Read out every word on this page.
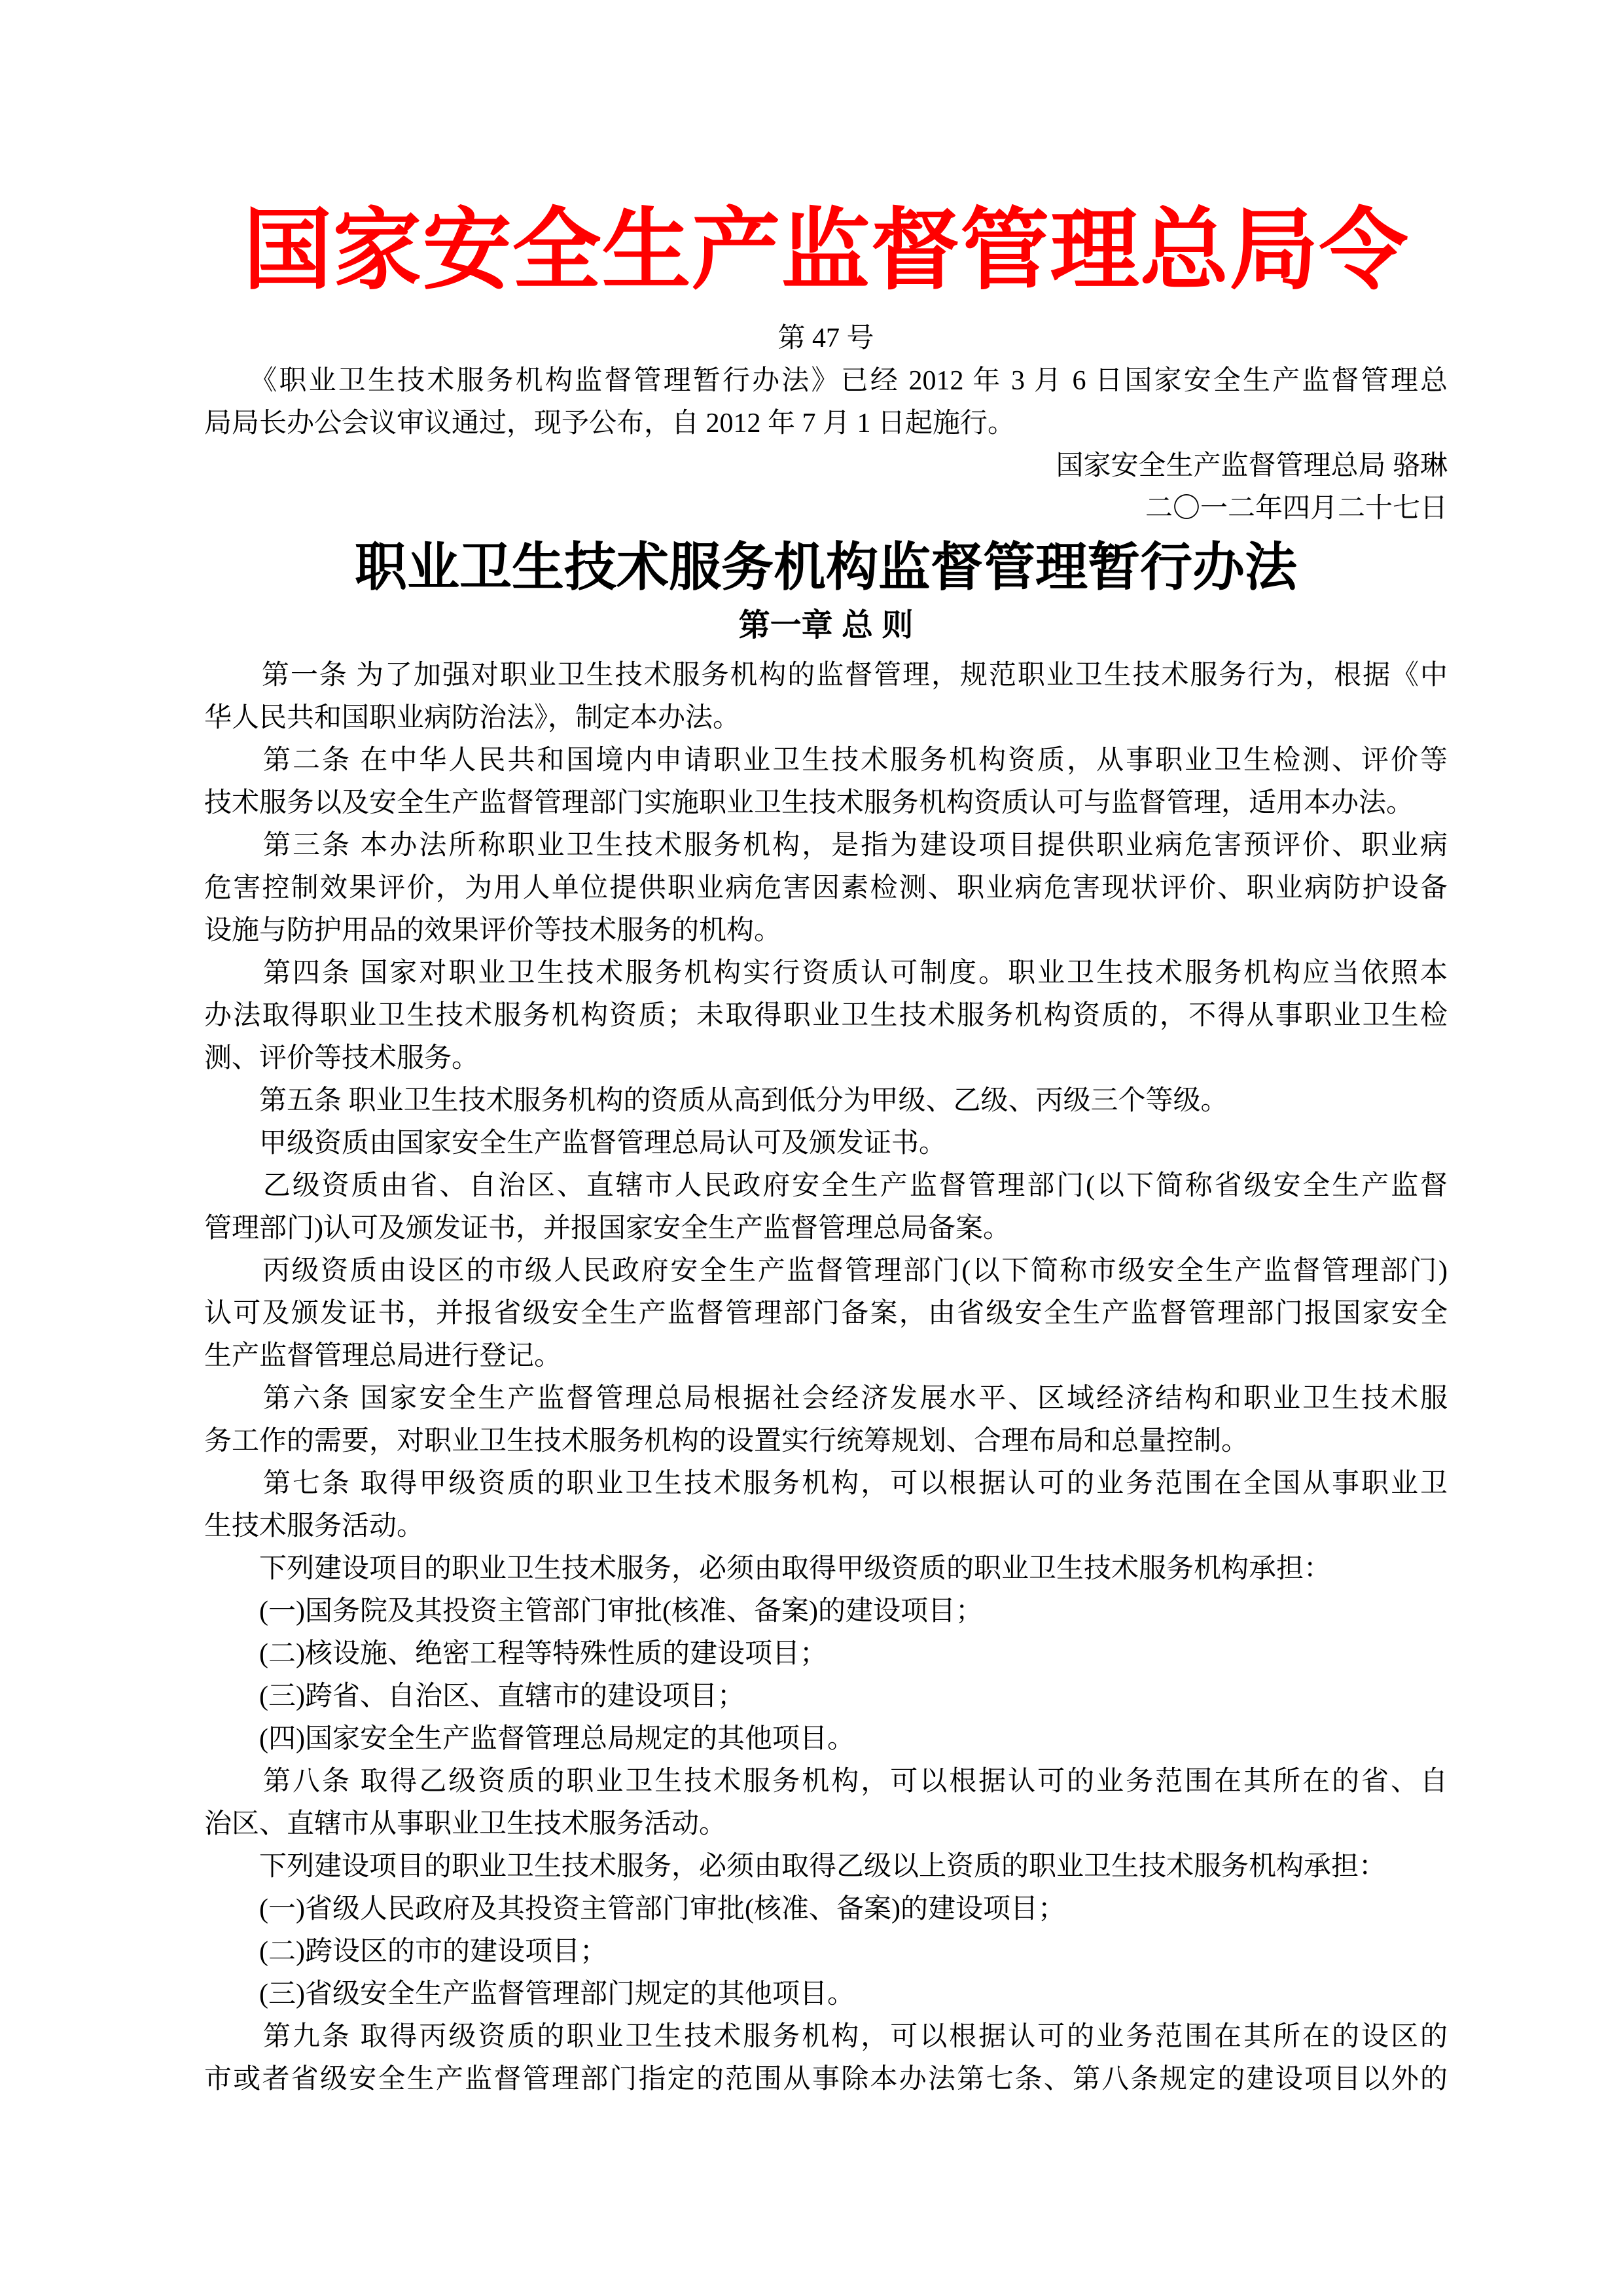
国家安全生产监督管理总局令
第 47 号
　　《职业卫生技术服务机构监督管理暂行办法》已经 2012 年 3 月 6 日国家安全生产监督管理总
局局长办公会议审议通过，现予公布，自 2012 年 7 月 1 日起施行。
国家安全生产监督管理总局 骆琳
二〇一二年四月二十七日
职业卫生技术服务机构监督管理暂行办法
第一章 总 则
　　第一条 为了加强对职业卫生技术服务机构的监督管理，规范职业卫生技术服务行为，根据《中
华人民共和国职业病防治法》，制定本办法。
　　第二条 在中华人民共和国境内申请职业卫生技术服务机构资质，从事职业卫生检测、评价等
技术服务以及安全生产监督管理部门实施职业卫生技术服务机构资质认可与监督管理，适用本办法。
　　第三条 本办法所称职业卫生技术服务机构，是指为建设项目提供职业病危害预评价、职业病
危害控制效果评价，为用人单位提供职业病危害因素检测、职业病危害现状评价、职业病防护设备
设施与防护用品的效果评价等技术服务的机构。
　　第四条 国家对职业卫生技术服务机构实行资质认可制度。职业卫生技术服务机构应当依照本
办法取得职业卫生技术服务机构资质；未取得职业卫生技术服务机构资质的，不得从事职业卫生检
测、评价等技术服务。
　　第五条 职业卫生技术服务机构的资质从高到低分为甲级、乙级、丙级三个等级。
　　甲级资质由国家安全生产监督管理总局认可及颁发证书。
　　乙级资质由省、自治区、直辖市人民政府安全生产监督管理部门(以下简称省级安全生产监督
管理部门)认可及颁发证书，并报国家安全生产监督管理总局备案。
　　丙级资质由设区的市级人民政府安全生产监督管理部门(以下简称市级安全生产监督管理部门)
认可及颁发证书，并报省级安全生产监督管理部门备案，由省级安全生产监督管理部门报国家安全
生产监督管理总局进行登记。
　　第六条 国家安全生产监督管理总局根据社会经济发展水平、区域经济结构和职业卫生技术服
务工作的需要，对职业卫生技术服务机构的设置实行统筹规划、合理布局和总量控制。
　　第七条 取得甲级资质的职业卫生技术服务机构，可以根据认可的业务范围在全国从事职业卫
生技术服务活动。
　　下列建设项目的职业卫生技术服务，必须由取得甲级资质的职业卫生技术服务机构承担：
　　(一)国务院及其投资主管部门审批(核准、备案)的建设项目；
　　(二)核设施、绝密工程等特殊性质的建设项目；
　　(三)跨省、自治区、直辖市的建设项目；
　　(四)国家安全生产监督管理总局规定的其他项目。
　　第八条 取得乙级资质的职业卫生技术服务机构，可以根据认可的业务范围在其所在的省、自
治区、直辖市从事职业卫生技术服务活动。
　　下列建设项目的职业卫生技术服务，必须由取得乙级以上资质的职业卫生技术服务机构承担：
　　(一)省级人民政府及其投资主管部门审批(核准、备案)的建设项目；
　　(二)跨设区的市的建设项目；
　　(三)省级安全生产监督管理部门规定的其他项目。
　　第九条 取得丙级资质的职业卫生技术服务机构，可以根据认可的业务范围在其所在的设区的
市或者省级安全生产监督管理部门指定的范围从事除本办法第七条、第八条规定的建设项目以外的
